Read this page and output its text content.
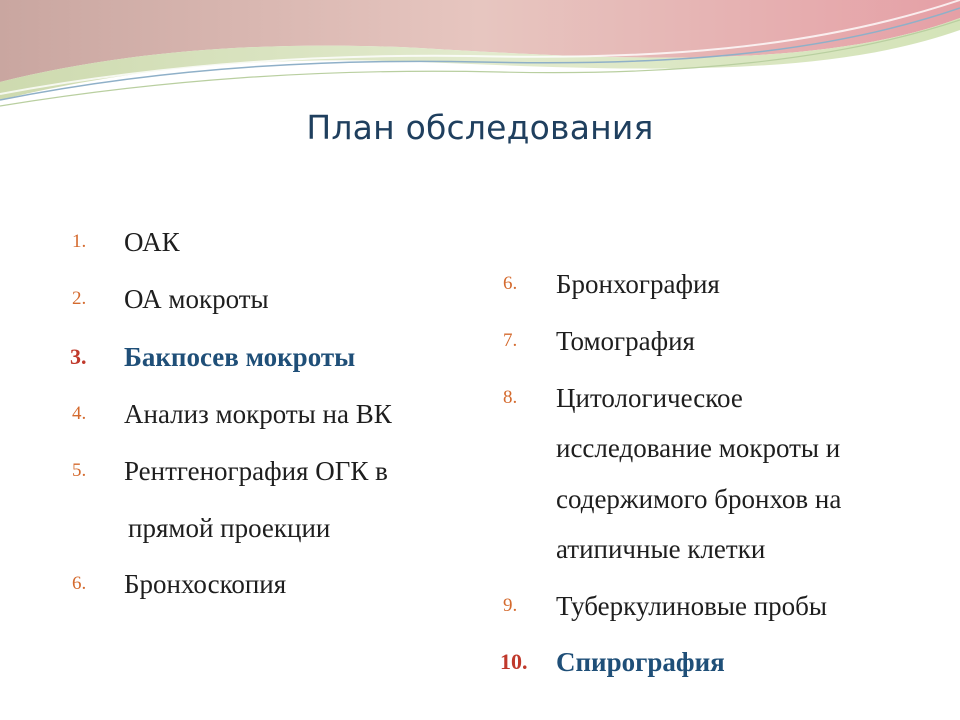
План обследования
1. ОАК
2. ОА мокроты
3. Бакпосев мокроты
4. Анализ мокроты на ВК
5. Рентгенография ОГК в
прямой проекции
6. Бронхоскопия
6. Бронхография
7. Томография
8. Цитологическое
исследование мокроты и
содержимого бронхов на
атипичные клетки
9. Туберкулиновые пробы
10. Спирография
